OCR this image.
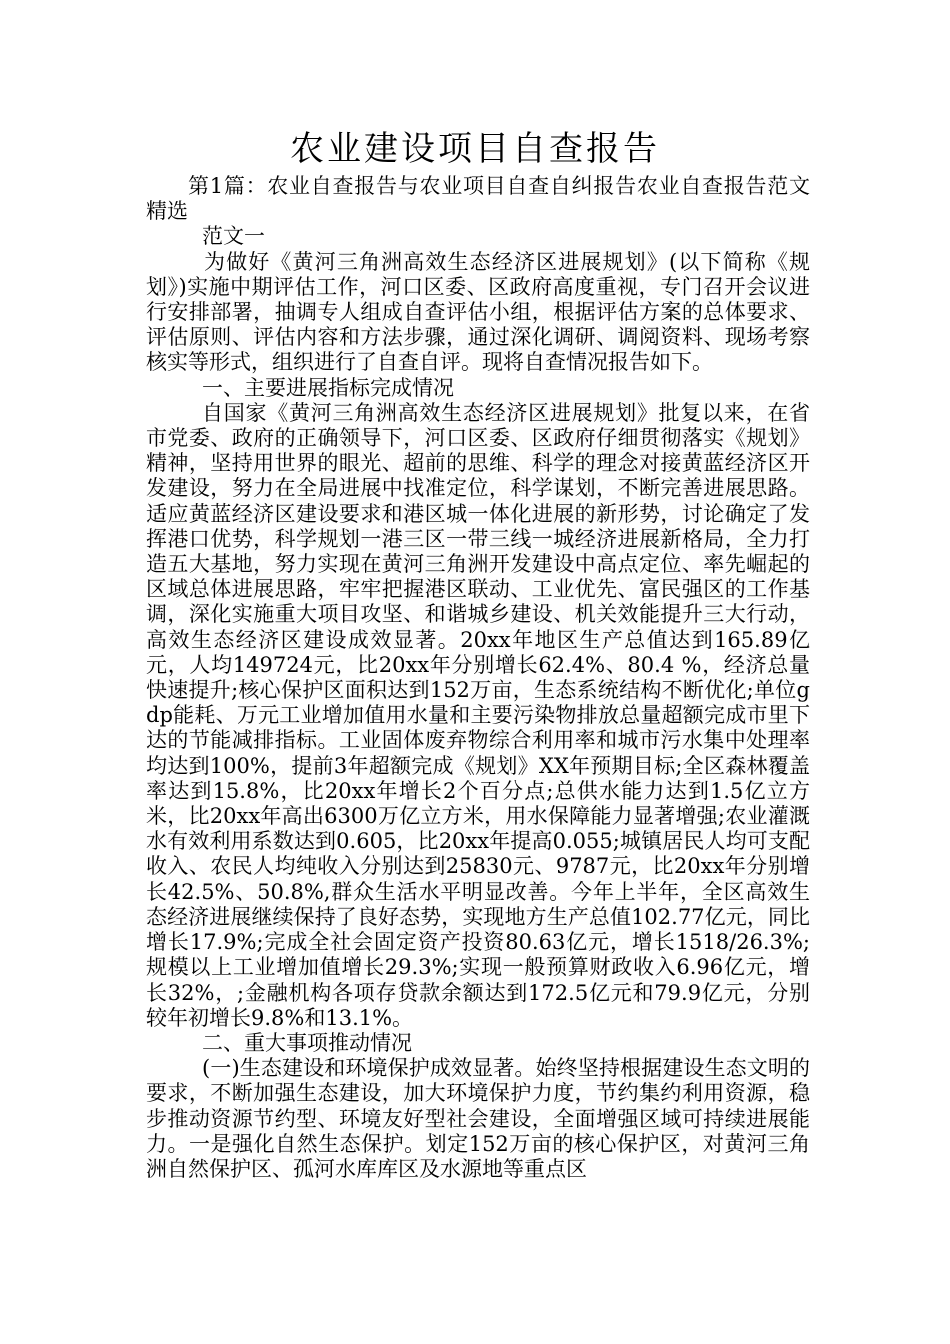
农业建设项目自查报告

第1篇：农业自查报告与农业项目自查自纠报告农业自查报告范文精选

范文一

为做好《黄河三角洲高效生态经济区进展规划》(以下简称《规划》)实施中期评估工作，河口区委、区政府高度重视，专门召开会议进行安排部署，抽调专人组成自查评估小组，根据评估方案的总体要求、评估原则、评估内容和方法步骤，通过深化调研、调阅资料、现场考察核实等形式，组织进行了自查自评。现将自查情况报告如下。

一、主要进展指标完成情况

自国家《黄河三角洲高效生态经济区进展规划》批复以来，在省市党委、政府的正确领导下，河口区委、区政府仔细贯彻落实《规划》精神，坚持用世界的眼光、超前的思维、科学的理念对接黄蓝经济区开发建设，努力在全局进展中找准定位，科学谋划，不断完善进展思路。适应黄蓝经济区建设要求和港区城一体化进展的新形势，讨论确定了发挥港口优势，科学规划一港三区一带三线一城经济进展新格局，全力打造五大基地，努力实现在黄河三角洲开发建设中高点定位、率先崛起的区域总体进展思路，牢牢把握港区联动、工业优先、富民强区的工作基调，深化实施重大项目攻坚、和谐城乡建设、机关效能提升三大行动，高效生态经济区建设成效显著。20xx年地区生产总值达到165.89亿元，人均149724元，比20xx年分别增长62.4%、80.4 %，经济总量快速提升;核心保护区面积达到152万亩，生态系统结构不断优化;单位gdp能耗、万元工业增加值用水量和主要污染物排放总量超额完成市里下达的节能减排指标。工业固体废弃物综合利用率和城市污水集中处理率均达到100%，提前3年超额完成《规划》XX年预期目标;全区森林覆盖率达到15.8%，比20xx年增长2个百分点;总供水能力达到1.5亿立方米，比20xx年高出6300万亿立方米，用水保障能力显著增强;农业灌溉水有效利用系数达到0.605，比20xx年提高0.055;城镇居民人均可支配收入、农民人均纯收入分别达到25830元、9787元，比20xx年分别增长42.5%、50.8%,群众生活水平明显改善。今年上半年，全区高效生态经济进展继续保持了良好态势，实现地方生产总值102.77亿元，同比增长17.9%;完成全社会固定资产投资80.63亿元，增长1518/26.3%;规模以上工业增加值增长29.3%;实现一般预算财政收入6.96亿元，增长32%，;金融机构各项存贷款余额达到172.5亿元和79.9亿元，分别较年初增长9.8%和13.1%。

二、重大事项推动情况

(一)生态建设和环境保护成效显著。始终坚持根据建设生态文明的要求，不断加强生态建设，加大环境保护力度，节约集约利用资源，稳步推动资源节约型、环境友好型社会建设，全面增强区域可持续进展能力。一是强化自然生态保护。划定152万亩的核心保护区，对黄河三角洲自然保护区、孤河水库库区及水源地等重点区
